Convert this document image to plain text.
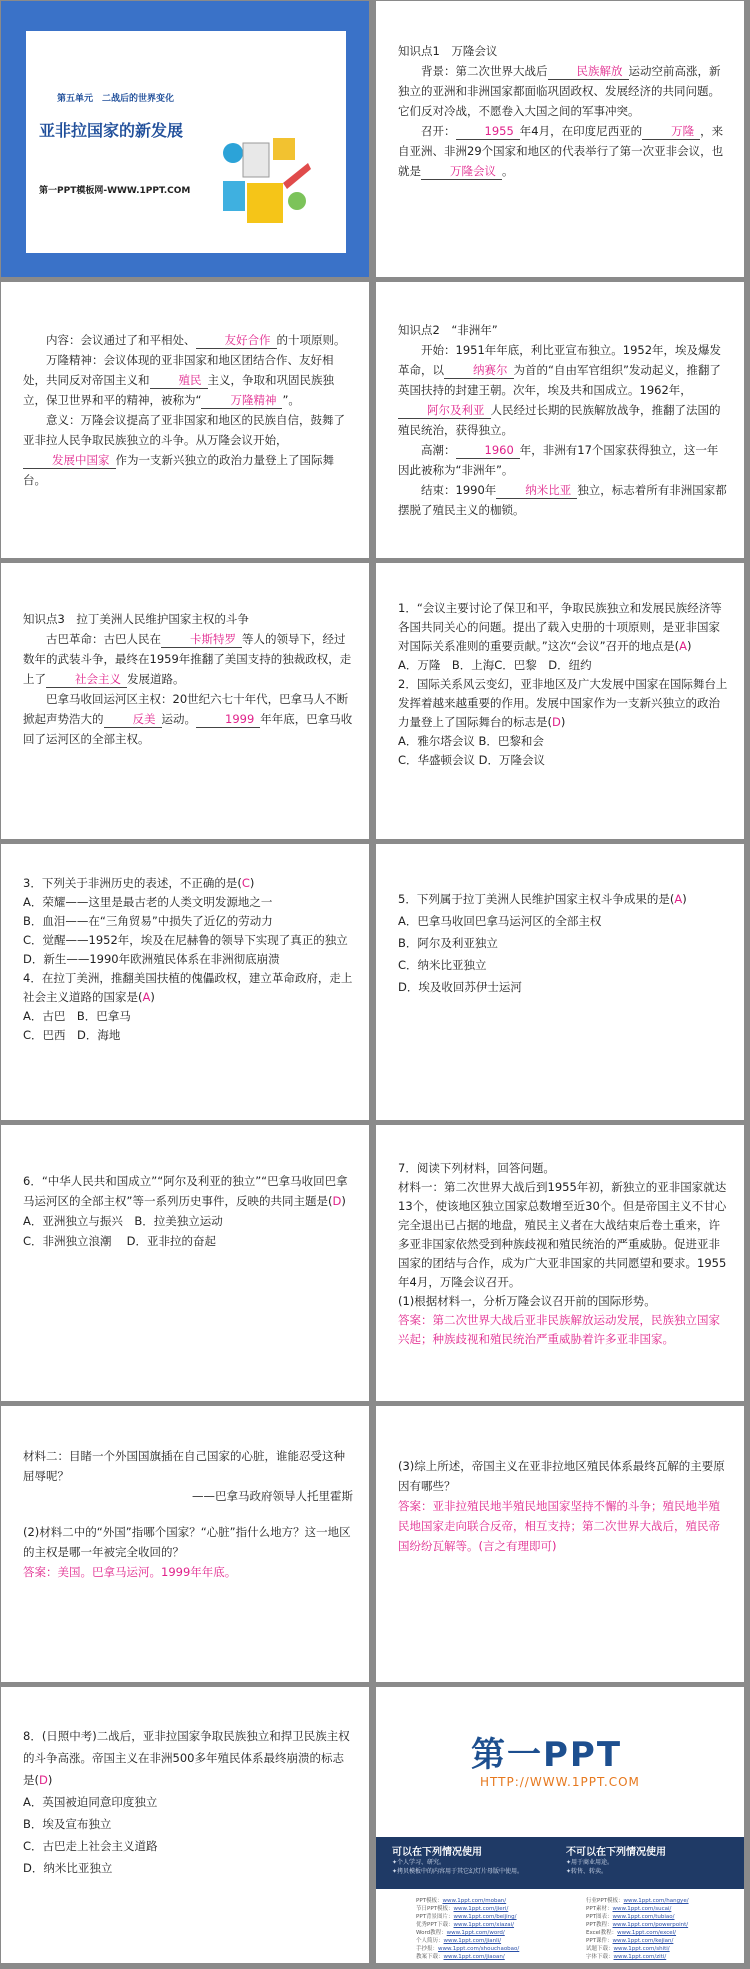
第五单元　二战后的世界变化
亚非拉国家的新发展
第一PPT模板网-WWW.1PPT.COM

知识点1　万隆会议

背景：第二次世界大战后	民族解放 运动空前高涨，新独立的亚洲和非洲国家都面临巩固政权、发展经济的共同问题。它们反对冷战，不愿卷入大国之间的军事冲突。

召开：	1955 年4月，在印度尼西亚的	万隆 ，来自亚洲、非洲29个国家和地区的代表举行了第一次亚非会议，也就是	万隆会议 。

内容：会议通过了和平相处、	友好合作 的十项原则。

万隆精神：会议体现的亚非国家和地区团结合作、友好相处，共同反对帝国主义和	殖民 主义，争取和巩固民族独立，保卫世界和平的精神，被称为“	万隆精神 ”。

意义：万隆会议提高了亚非国家和地区的民族自信，鼓舞了亚非拉人民争取民族独立的斗争。从万隆会议开始，发展中国家 作为一支新兴独立的政治力量登上了国际舞台。

知识点2　“非洲年”

开始：1951年年底，利比亚宣布独立。1952年，埃及爆发革命，以	纳赛尔 为首的“自由军官组织”发动起义，推翻了英国扶持的封建王朝。次年，埃及共和国成立。1962年，阿尔及利亚 人民经过长期的民族解放战争，推翻了法国的殖民统治，获得独立。

高潮：	1960 年，非洲有17个国家获得独立，这一年因此被称为“非洲年”。

结束：1990年	纳米比亚 独立，标志着所有非洲国家都摆脱了殖民主义的枷锁。

知识点3　拉丁美洲人民维护国家主权的斗争

古巴革命：古巴人民在	卡斯特罗 等人的领导下，经过数年的武装斗争，最终在1959年推翻了美国支持的独裁政权，走上了	社会主义 发展道路。

巴拿马收回运河区主权：20世纪六七十年代，巴拿马人不断掀起声势浩大的	反美 运动。	1999 年年底，巴拿马收回了运河区的全部主权。

1．“会议主要讨论了保卫和平，争取民族独立和发展民族经济等各国共同关心的问题。提出了载入史册的十项原则，是亚非国家对国际关系准则的重要贡献。”这次“会议”召开的地点是(A)

A．万隆　B．上海C．巴黎　D．纽约

2．国际关系风云变幻，亚非地区及广大发展中国家在国际舞台上发挥着越来越重要的作用。发展中国家作为一支新兴独立的政治力量登上了国际舞台的标志是(D)

A．雅尔塔会议 B．巴黎和会

C．华盛顿会议 D．万隆会议

3．下列关于非洲历史的表述，不正确的是(C)

A．荣耀——这里是最古老的人类文明发源地之一

B．血泪——在“三角贸易”中损失了近亿的劳动力

C．觉醒——1952年，埃及在尼赫鲁的领导下实现了真正的独立

D．新生——1990年欧洲殖民体系在非洲彻底崩溃

4．在拉丁美洲，推翻美国扶植的傀儡政权，建立革命政府，走上社会主义道路的国家是(A)

A．古巴　B．巴拿马

C．巴西　D．海地

5．下列属于拉丁美洲人民维护国家主权斗争成果的是(A)

A．巴拿马收回巴拿马运河区的全部主权

B．阿尔及利亚独立

C．纳米比亚独立

D．埃及收回苏伊士运河

6．“中华人民共和国成立”“阿尔及利亚的独立”“巴拿马收回巴拿马运河区的全部主权”等一系列历史事件，反映的共同主题是(D)

A．亚洲独立与振兴　B．拉美独立运动

C．非洲独立浪潮　 D．亚非拉的奋起

7．阅读下列材料，回答问题。

材料一：第二次世界大战后到1955年初，新独立的亚非国家就达13个，使该地区独立国家总数增至近30个。但是帝国主义不甘心完全退出已占据的地盘，殖民主义者在大战结束后卷土重来，许多亚非国家依然受到种族歧视和殖民统治的严重威胁。促进亚非国家的团结与合作，成为广大亚非国家的共同愿望和要求。1955年4月，万隆会议召开。

(1)根据材料一，分析万隆会议召开前的国际形势。

答案：第二次世界大战后亚非民族解放运动发展，民族独立国家兴起；种族歧视和殖民统治严重威胁着许多亚非国家。

材料二：目睹一个外国国旗插在自己国家的心脏，谁能忍受这种屈辱呢？

——巴拿马政府领导人托里霍斯

(2)材料二中的“外国”指哪个国家？“心脏”指什么地方？这一地区的主权是哪一年被完全收回的？

答案：美国。巴拿马运河。1999年年底。

(3)综上所述，帝国主义在亚非拉地区殖民体系最终瓦解的主要原因有哪些？

答案：亚非拉殖民地半殖民地国家坚持不懈的斗争；殖民地半殖民地国家走向联合反帝，相互支持；第二次世界大战后，殖民帝国纷纷瓦解等。(言之有理即可)

8．(日照中考)二战后，亚非拉国家争取民族独立和捍卫民族主权的斗争高涨。帝国主义在非洲500多年殖民体系最终崩溃的标志是(D)

A．英国被迫同意印度独立

B．埃及宣布独立

C．古巴走上社会主义道路

D．纳米比亚独立

第一PPT
HTTP://WWW.1PPT.COM
可以在下列情况使用
✦个人学习、研究。
✦拷贝模板中的内容用于其它幻灯片母版中使用。
不可以在下列情况使用
✦用于商业用途。
✦转售、转卖。
PPT模板：www.1ppt.com/moban/
节日PPT模板：www.1ppt.com/jieri/
PPT背景图片：www.1ppt.com/beijing/
优秀PPT下载：www.1ppt.com/xiazai/
Word教程：www.1ppt.com/word/
个人简历：www.1ppt.com/jianli/
手抄报：www.1ppt.com/shouchaobao/
教案下载：www.1ppt.com/jiaoan/
行业PPT模板：www.1ppt.com/hangye/
PPT素材：www.1ppt.com/sucai/
PPT图表：www.1ppt.com/tubiao/
PPT教程：www.1ppt.com/powerpoint/
Excel教程：www.1ppt.com/excel/
PPT课件：www.1ppt.com/kejian/
试题下载：www.1ppt.com/shiti/
字体下载：www.1ppt.com/ziti/
